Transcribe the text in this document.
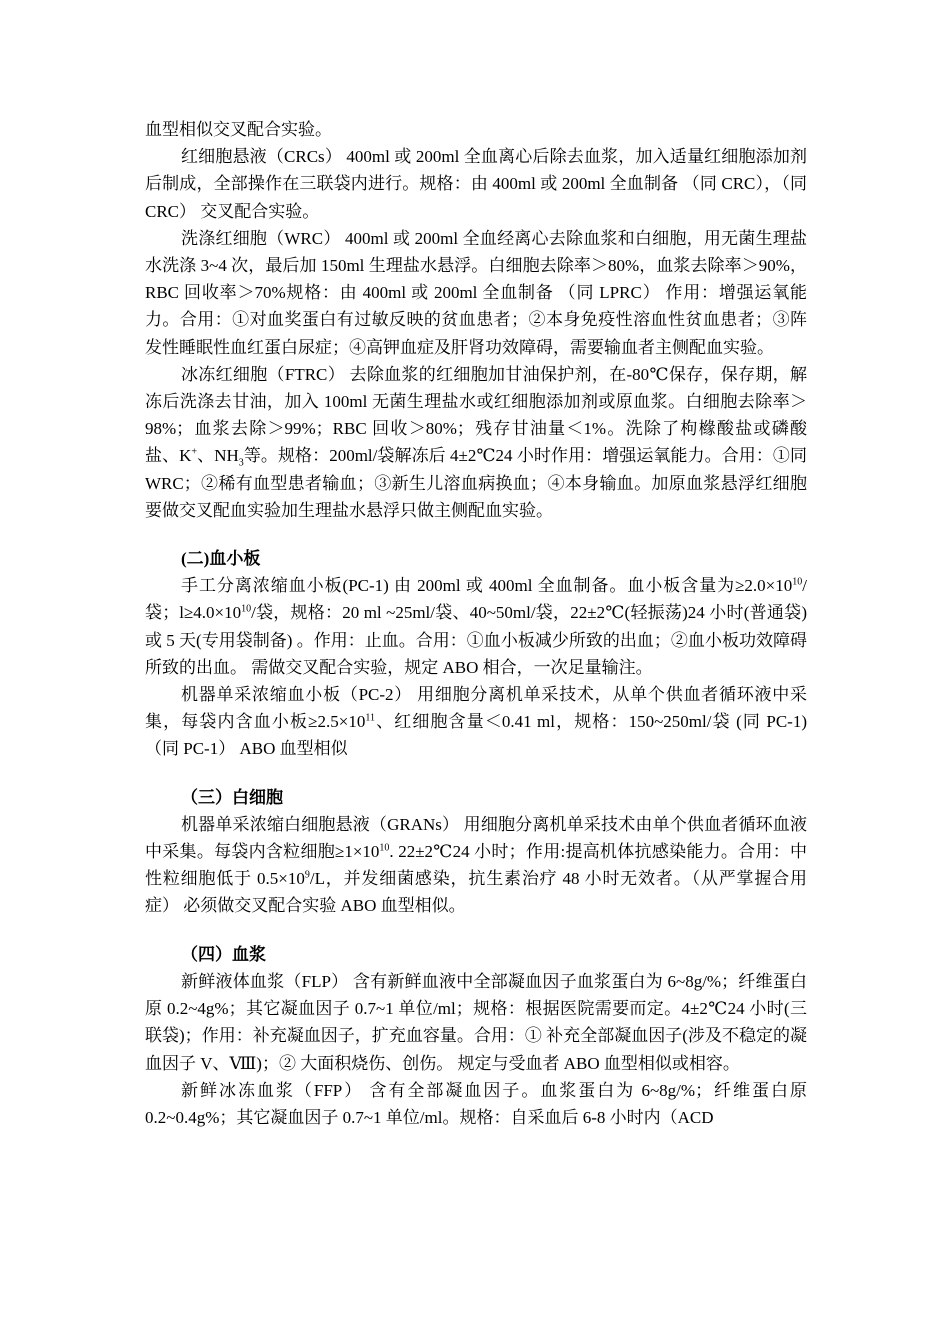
血型相似交叉配合实验。

红细胞悬液（CRCs） 400ml 或 200ml 全血离心后除去血浆，加入适量红细胞添加剂后制成，全部操作在三联袋内进行。规格：由 400ml 或 200ml 全血制备 （同 CRC），（同 CRC） 交叉配合实验。

洗涤红细胞（WRC） 400ml 或 200ml 全血经离心去除血浆和白细胞，用无菌生理盐水洗涤 3~4 次，最后加 150ml 生理盐水悬浮。白细胞去除率＞80%，血浆去除率＞90%，RBC 回收率＞70%规格：由 400ml 或 200ml 全血制备 （同 LPRC） 作用：增强运氧能力。合用：①对血奖蛋白有过敏反映的贫血患者；②本身免疫性溶血性贫血患者；③阵发性睡眠性血红蛋白尿症；④高钾血症及肝肾功效障碍，需要输血者主侧配血实验。

冰冻红细胞（FTRC） 去除血浆的红细胞加甘油保护剂，在-80℃保存，保存期，解冻后洗涤去甘油，加入 100ml 无菌生理盐水或红细胞添加剂或原血浆。白细胞去除率＞98%；血浆去除＞99%；RBC 回收＞80%；残存甘油量＜1%。洗除了枸橼酸盐或磷酸盐、K+、$NH_3$等。规格：200ml/袋解冻后 4±2℃24 小时作用：增强运氧能力。合用：①同 WRC；②稀有血型患者输血；③新生儿溶血病换血；④本身输血。加原血浆悬浮红细胞要做交叉配血实验加生理盐水悬浮只做主侧配血实验。

(二)血小板

手工分离浓缩血小板(PC-1) 由 200ml 或 400ml 全血制备。血小板含量为$\ge 2.0\times 10^{10}/$袋；$l\ge 4.0\times 10^{10}/$袋，规格：20 ml ~25ml/袋、40~50ml/袋，22±2℃(轻振荡)24 小时(普通袋)或 5 天(专用袋制备) 。作用：止血。合用：①血小板减少所致的出血；②血小板功效障碍所致的出血。 需做交叉配合实验，规定 ABO 相合，一次足量输注。

机器单采浓缩血小板（PC-2） 用细胞分离机单采技术，从单个供血者循环液中采集，每袋内含血小板$\ge 2.5\times 10^{11}$、红细胞含量＜0.41 ml，规格：150~250ml/袋 (同 PC-1) （同 PC-1） ABO 血型相似

（三）白细胞

机器单采浓缩白细胞悬液（GRANs） 用细胞分离机单采技术由单个供血者循环血液中采集。每袋内含粒细胞$\ge 1\times 10^{10}$. 22±2℃24 小时；作用:提高机体抗感染能力。合用：中性粒细胞低于 $0.5\times 10^9/L$，并发细菌感染，抗生素治疗 48 小时无效者。（从严掌握合用症） 必须做交叉配合实验 ABO 血型相似。

（四）血浆

新鲜液体血浆（FLP） 含有新鲜血液中全部凝血因子血浆蛋白为 6~8g/%；纤维蛋白原 0.2~4g%；其它凝血因子 0.7~1 单位/ml；规格：根据医院需要而定。4±2℃24 小时(三联袋)；作用：补充凝血因子，扩充血容量。合用：① 补充全部凝血因子(涉及不稳定的凝血因子 V、Ⅷ)；② 大面积烧伤、创伤。 规定与受血者 ABO 血型相似或相容。

新鲜冰冻血浆（FFP） 含有全部凝血因子。血浆蛋白为 6~8g/%；纤维蛋白原 0.2~0.4g%；其它凝血因子 0.7~1 单位/ml。规格：自采血后 6-8 小时内（ACD
